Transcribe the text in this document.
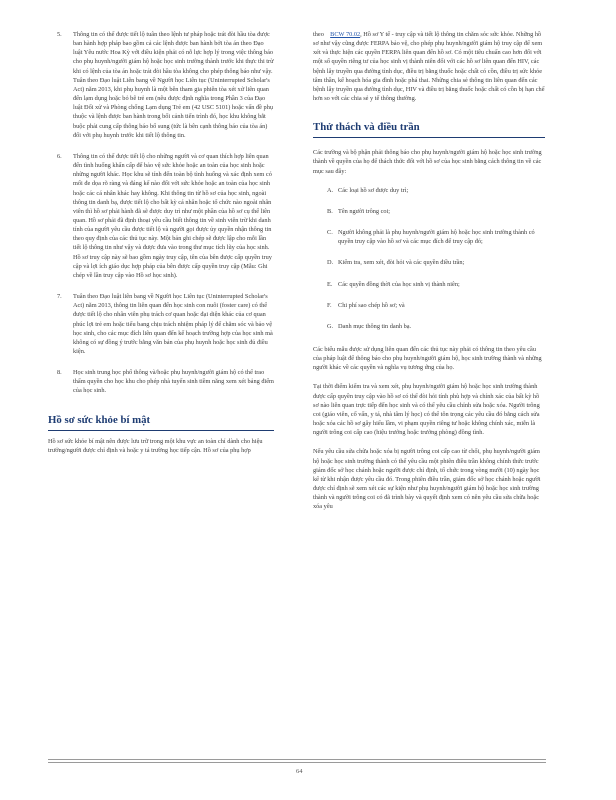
5. Thông tin có thể được tiết lộ tuân theo lệnh tư pháp hoặc trát đòi hầu tòa được ban hành hợp pháp bao gồm cả các lệnh được ban hành bởi tòa án theo Đạo luật Yêu nước Hoa Kỳ với điều kiện phải có nỗ lực hợp lý trong việc thông báo cho phụ huynh/người giám hộ hoặc học sinh trường thành trước khi thực thi trừ khi có lệnh của tòa án hoặc trát đòi hầu tòa không cho phép thông báo như vậy. Tuân theo Đạo luật Liên bang về Người học Liên tục (Uninterrupted Scholar's Act) năm 2013, khi phụ huynh là một bên tham gia phiên tòa xét xử liên quan đến lạm dụng hoặc bỏ bê trẻ em (nêu được định nghĩa trong Phần 3 của Đạo luật Đối xử và Phòng chống Lạm dụng Trẻ em (42 USC 5101) hoặc vấn đề phụ thuộc và lệnh được ban hành trong bối cảnh tiến trình đó, học khu không bắt buộc phải cung cấp thông báo bổ sung (tức là bên cạnh thông báo của tòa án) đối với phụ huynh trước khi tiết lộ thông tin.
6. Thông tin có thể được tiết lộ cho những người và cơ quan thích hợp liên quan đến tình huống khẩn cấp để bảo vệ sức khỏe hoặc an toàn của học sinh hoặc những người khác. Học khu sẽ tính đến toàn bộ tình huống và xác định xem có mối đe dọa rõ ràng và đáng kể nào đối với sức khỏe hoặc an toàn của học sinh hoặc các cá nhân khác hay không. Khi thông tin từ hồ sơ của học sinh, ngoài thông tin danh bạ, được tiết lộ cho bất kỳ cá nhân hoặc tổ chức nào ngoài nhân viên thì hồ sơ phải hành đã sẽ được duy trì như một phần của hồ sơ cụ thể liên quan. Hồ sơ phải đã định thoại yêu cầu biết thông tin về sinh viên trừ khi danh tính của người yêu cầu được tiết lộ và người gọi được ủy quyền nhận thông tin theo quy định của các thủ tục này. Một bản ghi chép sẽ được lập cho mỗi lần tiết lộ thông tin như vậy và được đưa vào trong thư mục tích lũy của học sinh. Hồ sơ truy cập này sẽ bao gồm ngày truy cập, tên của bên được cấp quyền truy cập và lợi ích giáo dục hợp pháp của bên được cấp quyền truy cập (Mẫu: Ghi chép về lần truy cập vào Hồ sơ học sinh).
7. Tuân theo Đạo luật liên bang về Người học Liên tục (Uninterrupted Scholar's Act) năm 2013, thông tin liên quan đến học sinh con nuôi (foster care) có thể được tiết lộ cho nhân viên phụ trách cơ quan hoặc đại diện khác của cơ quan phúc lợi trẻ em hoặc tiểu bang chịu trách nhiệm pháp lý để chăm sóc và bảo vệ học sinh, cho các mục đích liên quan đến kế hoạch trường hợp của học sinh mà không có sự đồng ý trước bằng văn bản của phụ huynh hoặc học sinh đủ điều kiện.
8. Học sinh trung học phổ thông và/hoặc phụ huynh/người giám hộ có thể trao thẩm quyền cho học khu cho phép nhà tuyển sinh tiềm năng xem xét bảng điểm của học sinh.
Hồ sơ sức khỏe bí mật

Hồ sơ sức khỏe bí mật nên được lưu trữ trong một khu vực an toàn chỉ dành cho hiệu trưởng/người được chỉ định và hoặc y tá trường học tiếp cận. Hồ sơ của phụ hợp

theo BCW 70.02, Hồ sơ Y tế - truy cập và tiết lộ thông tin chăm sóc sức khỏe. Những hồ sơ như vậy cũng được FERPA bảo vệ, cho phép phụ huynh/người giám hộ truy cập để xem xét và thực hiện các quyền FERPA liên quan đến hồ sơ. Có một tiêu chuẩn cao hơn đối với một số quyền riêng tư của học sinh vị thành niên đối với các hồ sơ liên quan đến HIV, các bệnh lây truyền qua đường tình dục, điều trị bằng thuốc hoặc chất có cồn, điều trị sức khỏe tâm thần, kế hoạch hóa gia đình hoặc phá thai. Những chia sẻ thông tin liên quan đến các bệnh lây truyền qua đường tình dục, HIV và điều trị bằng thuốc hoặc chất có cồn bị hạn chế hơn so với các chia sẻ y tế thông thường.

Thử thách và điều trần

Các trường và bộ phận phải thông báo cho phụ huynh/người giám hộ hoặc học sinh trường thành về quyền của họ để thách thức đối với hồ sơ của học sinh bằng cách thông tin về các mục sau đây:

A. Các loại hồ sơ được duy trì;
B. Tên người trông coi;
C. Người không phải là phụ huynh/người giám hộ hoặc học sinh trường thành có quyền truy cập vào hồ sơ và các mục đích để truy cập đó;
D. Kiểm tra, xem xét, đòi hỏi và các quyền điều trần;
E. Các quyền đồng thời của học sinh vị thành niên;
F. Chi phí sao chép hồ sơ; và
G. Danh mục thông tin danh bạ.

Các biểu mẫu được sử dụng liên quan đến các thủ tục này phải có thông tin theo yêu cầu của pháp luật để thông báo cho phụ huynh/người giám hộ, học sinh trường thành và những người khác về các quyền và nghĩa vụ tương ứng của họ.

Tại thời điểm kiểm tra và xem xét, phụ huynh/người giám hộ hoặc học sinh trường thành được cấp quyền truy cập vào hồ sơ có thể đòi hỏi tính phù hợp và chính xác của bất kỳ hồ sơ nào liên quan trực tiếp đến học sinh và có thể yêu cầu chỉnh sửa hoặc xóa. Người trông coi (giáo viên, cố vấn, y tá, nhà tâm lý học) có thể tôn trọng các yêu cầu đó bằng cách sửa hoặc xóa các hồ sơ gây hiểu lầm, vi phạm quyền riêng tư hoặc không chính xác, miễn là người trông coi cấp cao (hiệu trưởng hoặc trưởng phòng) đồng tình.

Nếu yêu cầu sửa chữa hoặc xóa bị người trông coi cấp cao từ chối, phụ huynh/người giám hộ hoặc học sinh trường thành có thể yêu cầu một phiên điều trần không chính thức trước giám đốc sở học chánh hoặc người được chỉ định, tổ chức trong vòng mười (10) ngày học kể từ khi nhận được yêu cầu đó. Trong phiên điều trần, giám đốc sở học chánh hoặc người được chỉ định sẽ xem xét các sự kiện như phụ huynh/người giám hộ hoặc học sinh trường thành và người trông coi có đã trình bày và quyết định xem có nên yêu cầu sửa chữa hoặc xóa yêu

64
